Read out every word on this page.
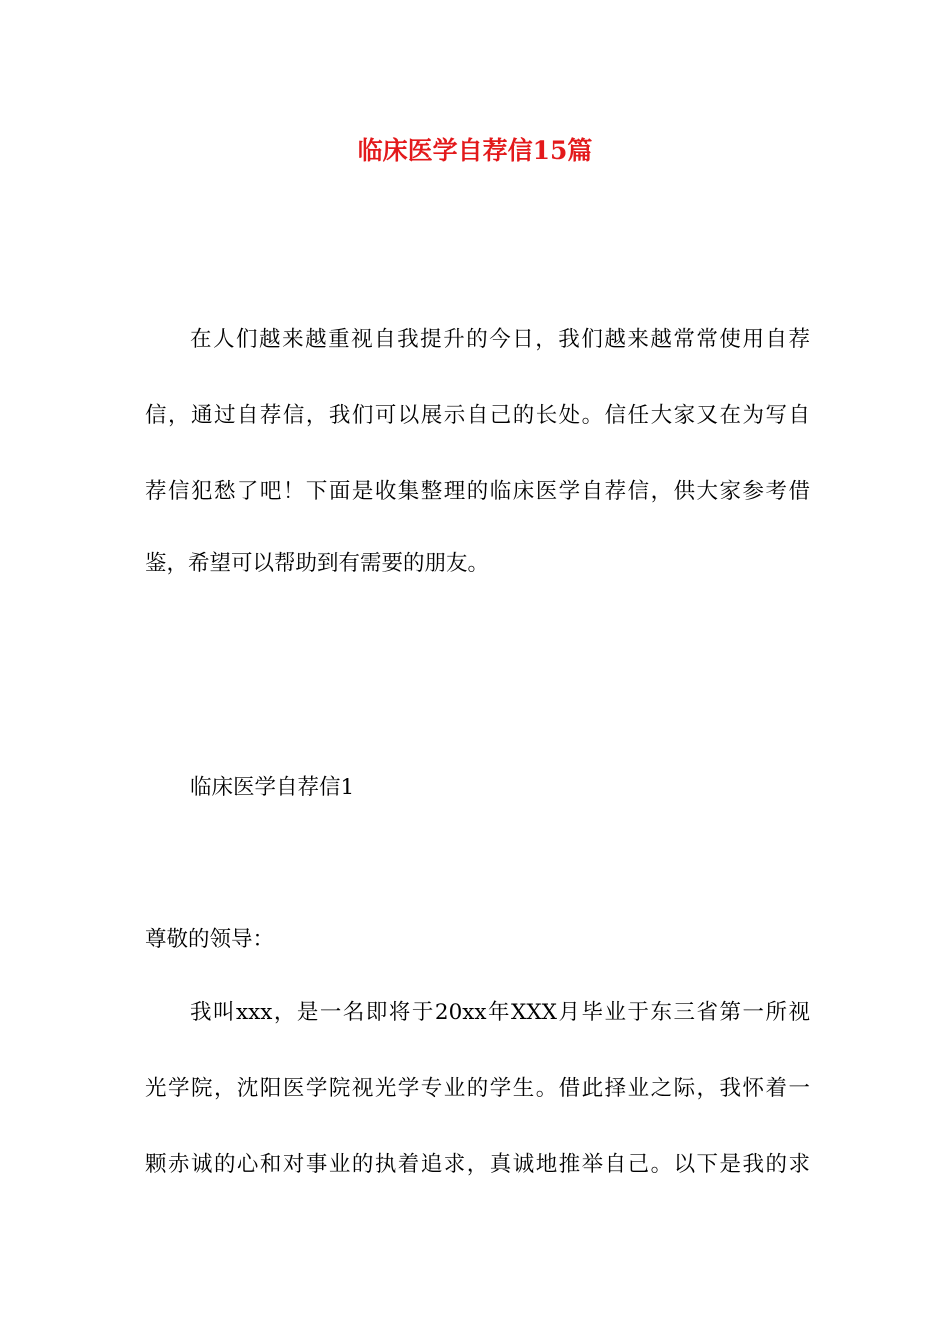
临床医学自荐信15篇

在人们越来越重视自我提升的今日，我们越来越常常使用自荐

信，通过自荐信，我们可以展示自己的长处。信任大家又在为写自

荐信犯愁了吧！下面是收集整理的临床医学自荐信，供大家参考借

鉴，希望可以帮助到有需要的朋友。

临床医学自荐信1

尊敬的领导：

我叫xxx，是一名即将于20xx年XXX月毕业于东三省第一所视

光学院，沈阳医学院视光学专业的学生。借此择业之际，我怀着一

颗赤诚的心和对事业的执着追求，真诚地推举自己。以下是我的求
